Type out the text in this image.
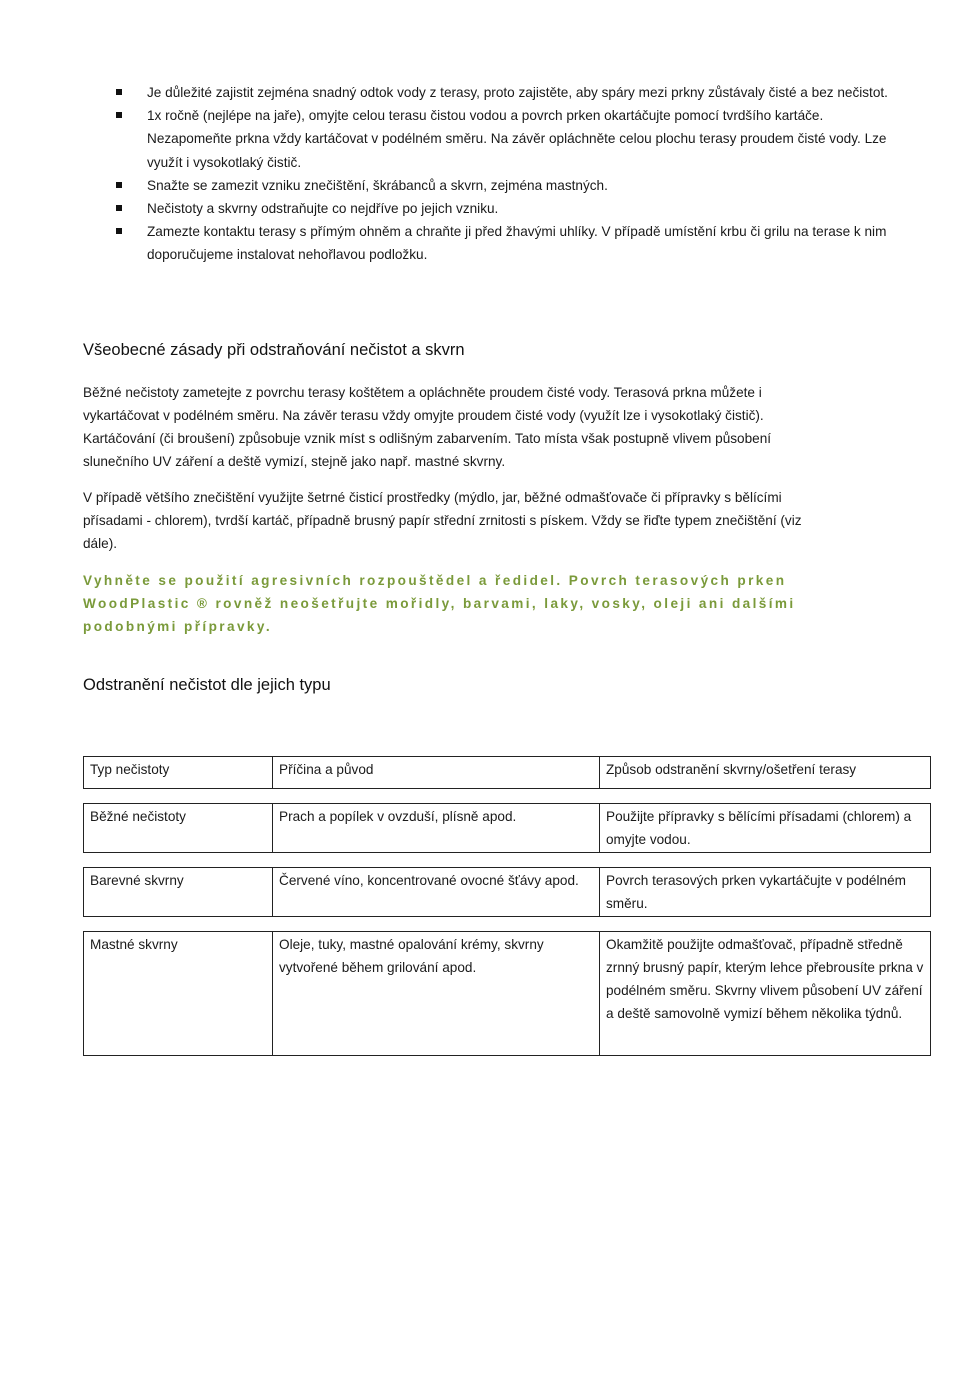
Je důležité zajistit zejména snadný odtok vody z terasy, proto zajistěte, aby spáry mezi prkny zůstávaly čisté a bez nečistot.
1x ročně (nejlépe na jaře), omyjte celou terasu čistou vodou a povrch prken okartáčujte pomocí tvrdšího kartáče. Nezapomeňte prkna vždy kartáčovat v podélném směru. Na závěr opláchněte celou plochu terasy proudem čisté vody. Lze využít i vysokotlaký čistič.
Snažte se zamezit vzniku znečištění, škrábanců a skvrn, zejména mastných.
Nečistoty a skvrny odstraňujte co nejdříve po jejich vzniku.
Zamezte kontaktu terasy s přímým ohněm a chraňte ji před žhavými uhlíky. V případě umístění krbu či grilu na terase k nim doporučujeme instalovat nehořlavou podložku.
Všeobecné zásady při odstraňování nečistot a skvrn

Běžné nečistoty zametejte z povrchu terasy koštětem a opláchněte proudem čisté vody. Terasová prkna můžete i vykartáčovat v podélném směru. Na závěr terasu vždy omyjte proudem čisté vody (využít lze i vysokotlaký čistič). Kartáčování (či broušení) způsobuje vznik míst s odlišným zabarvením. Tato místa však postupně vlivem působení slunečního UV záření a deště vymizí, stejně jako např. mastné skvrny.

V případě většího znečištění využijte šetrné čisticí prostředky (mýdlo, jar, běžné odmašťovače či přípravky s bělícími přísadami - chlorem), tvrdší kartáč, případně brusný papír střední zrnitosti s pískem. Vždy se řiďte typem znečištění (viz dále).

Vyhněte se použití agresivních rozpouštědel a ředidel. Povrch terasových prken WoodPlastic ® rovněž neošetřujte mořidly, barvami, laky, vosky, oleji ani dalšími podobnými přípravky.

Odstranění nečistot dle jejich typu
Typ nečistoty	Příčina a původ	Způsob odstranění skvrny/ošetření terasy

Běžné nečistoty	Prach a popílek v ovzduší, plísně apod.	Použijte přípravky s bělícími přísadami (chlorem) a omyjte vodou.

Barevné skvrny	Červené víno, koncentrované ovocné šťávy apod.	Povrch terasových prken vykartáčujte v podélném směru.

Mastné skvrny	Oleje, tuky, mastné opalování krémy, skvrny vytvořené během grilování apod.	Okamžitě použijte odmašťovač, případně středně zrnný brusný papír, kterým lehce přebrousíte prkna v podélném směru. Skvrny vlivem působení UV záření a deště samovolně vymizí během několika týdnů.
